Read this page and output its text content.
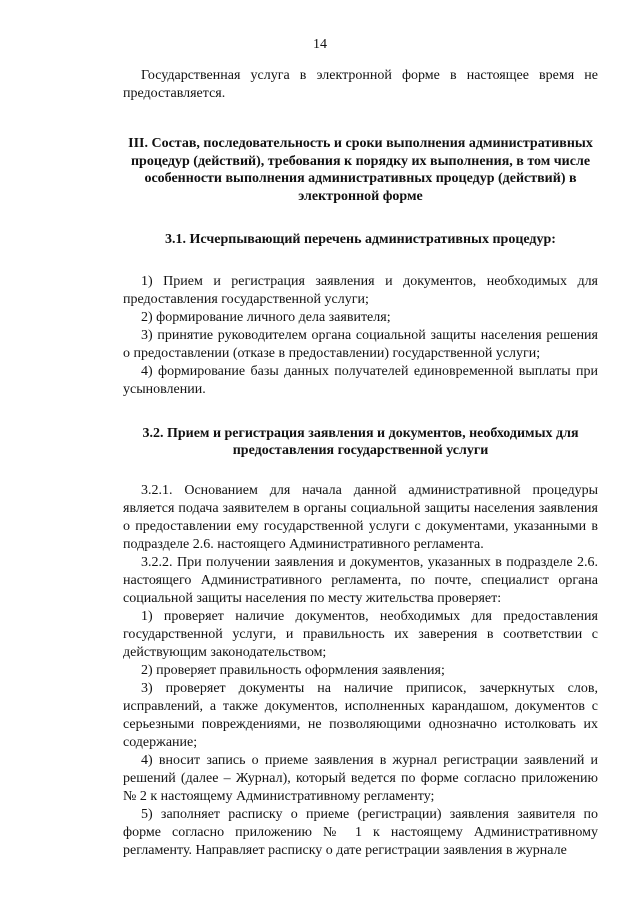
14

Государственная услуга в электронной форме в настоящее время не предоставляется.

III. Состав, последовательность и сроки выполнения административных процедур (действий), требования к порядку их выполнения, в том числе особенности выполнения административных процедур (действий) в электронной форме

3.1. Исчерпывающий перечень административных процедур:

1) Прием и регистрация заявления и документов, необходимых для предоставления государственной услуги;

2) формирование личного дела заявителя;

3) принятие руководителем органа социальной защиты населения решения о предоставлении (отказе в предоставлении) государственной услуги;

4) формирование базы данных получателей единовременной выплаты при усыновлении.

3.2. Прием и регистрация заявления и документов, необходимых для предоставления государственной услуги

3.2.1. Основанием для начала данной административной процедуры является подача заявителем в органы социальной защиты населения заявления о предоставлении ему государственной услуги с документами, указанными в подразделе 2.6. настоящего Административного регламента.

3.2.2. При получении заявления и документов, указанных в подразделе 2.6. настоящего Административного регламента, по почте, специалист органа социальной защиты населения по месту жительства проверяет:

1) проверяет наличие документов, необходимых для предоставления государственной услуги, и правильность их заверения в соответствии с действующим законодательством;

2) проверяет правильность оформления заявления;

3) проверяет документы на наличие приписок, зачеркнутых слов, исправлений, а также документов, исполненных карандашом, документов с серьезными повреждениями, не позволяющими однозначно истолковать их содержание;

4) вносит запись о приеме заявления в журнал регистрации заявлений и решений (далее – Журнал), который ведется по форме согласно приложению № 2 к настоящему Административному регламенту;

5) заполняет расписку о приеме (регистрации) заявления заявителя по форме согласно приложению № 1 к настоящему Административному регламенту. Направляет расписку о дате регистрации заявления в журнале
